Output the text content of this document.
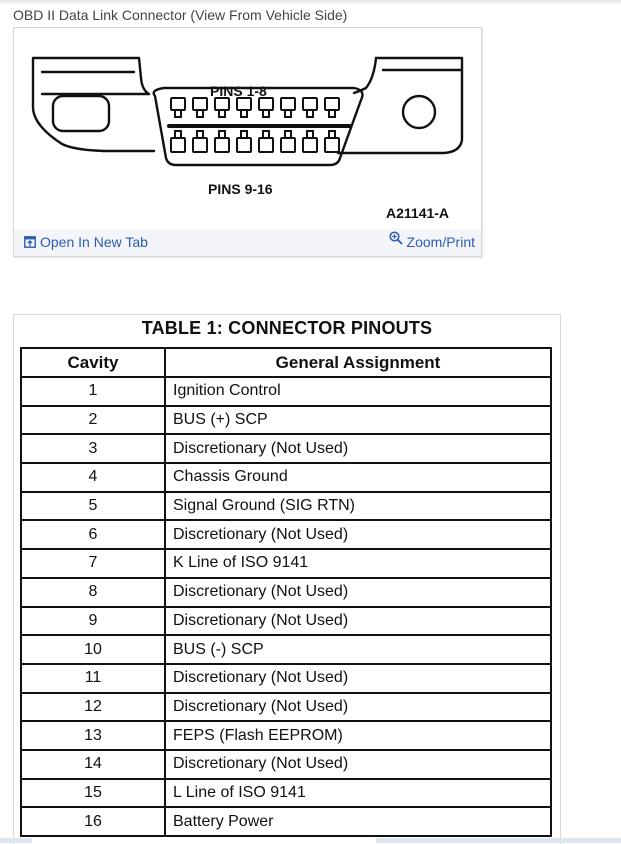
OBD II Data Link Connector (View From Vehicle Side)
PINS 1-8
PINS 9-16
A21141-A
Open In New Tab	Zoom/Print
TABLE 1: CONNECTOR PINOUTS
Cavity	General Assignment
1	Ignition Control
2	BUS (+) SCP
3	Discretionary (Not Used)
4	Chassis Ground
5	Signal Ground (SIG RTN)
6	Discretionary (Not Used)
7	K Line of ISO 9141
8	Discretionary (Not Used)
9	Discretionary (Not Used)
10	BUS (-) SCP
11	Discretionary (Not Used)
12	Discretionary (Not Used)
13	FEPS (Flash EEPROM)
14	Discretionary (Not Used)
15	L Line of ISO 9141
16	Battery Power
